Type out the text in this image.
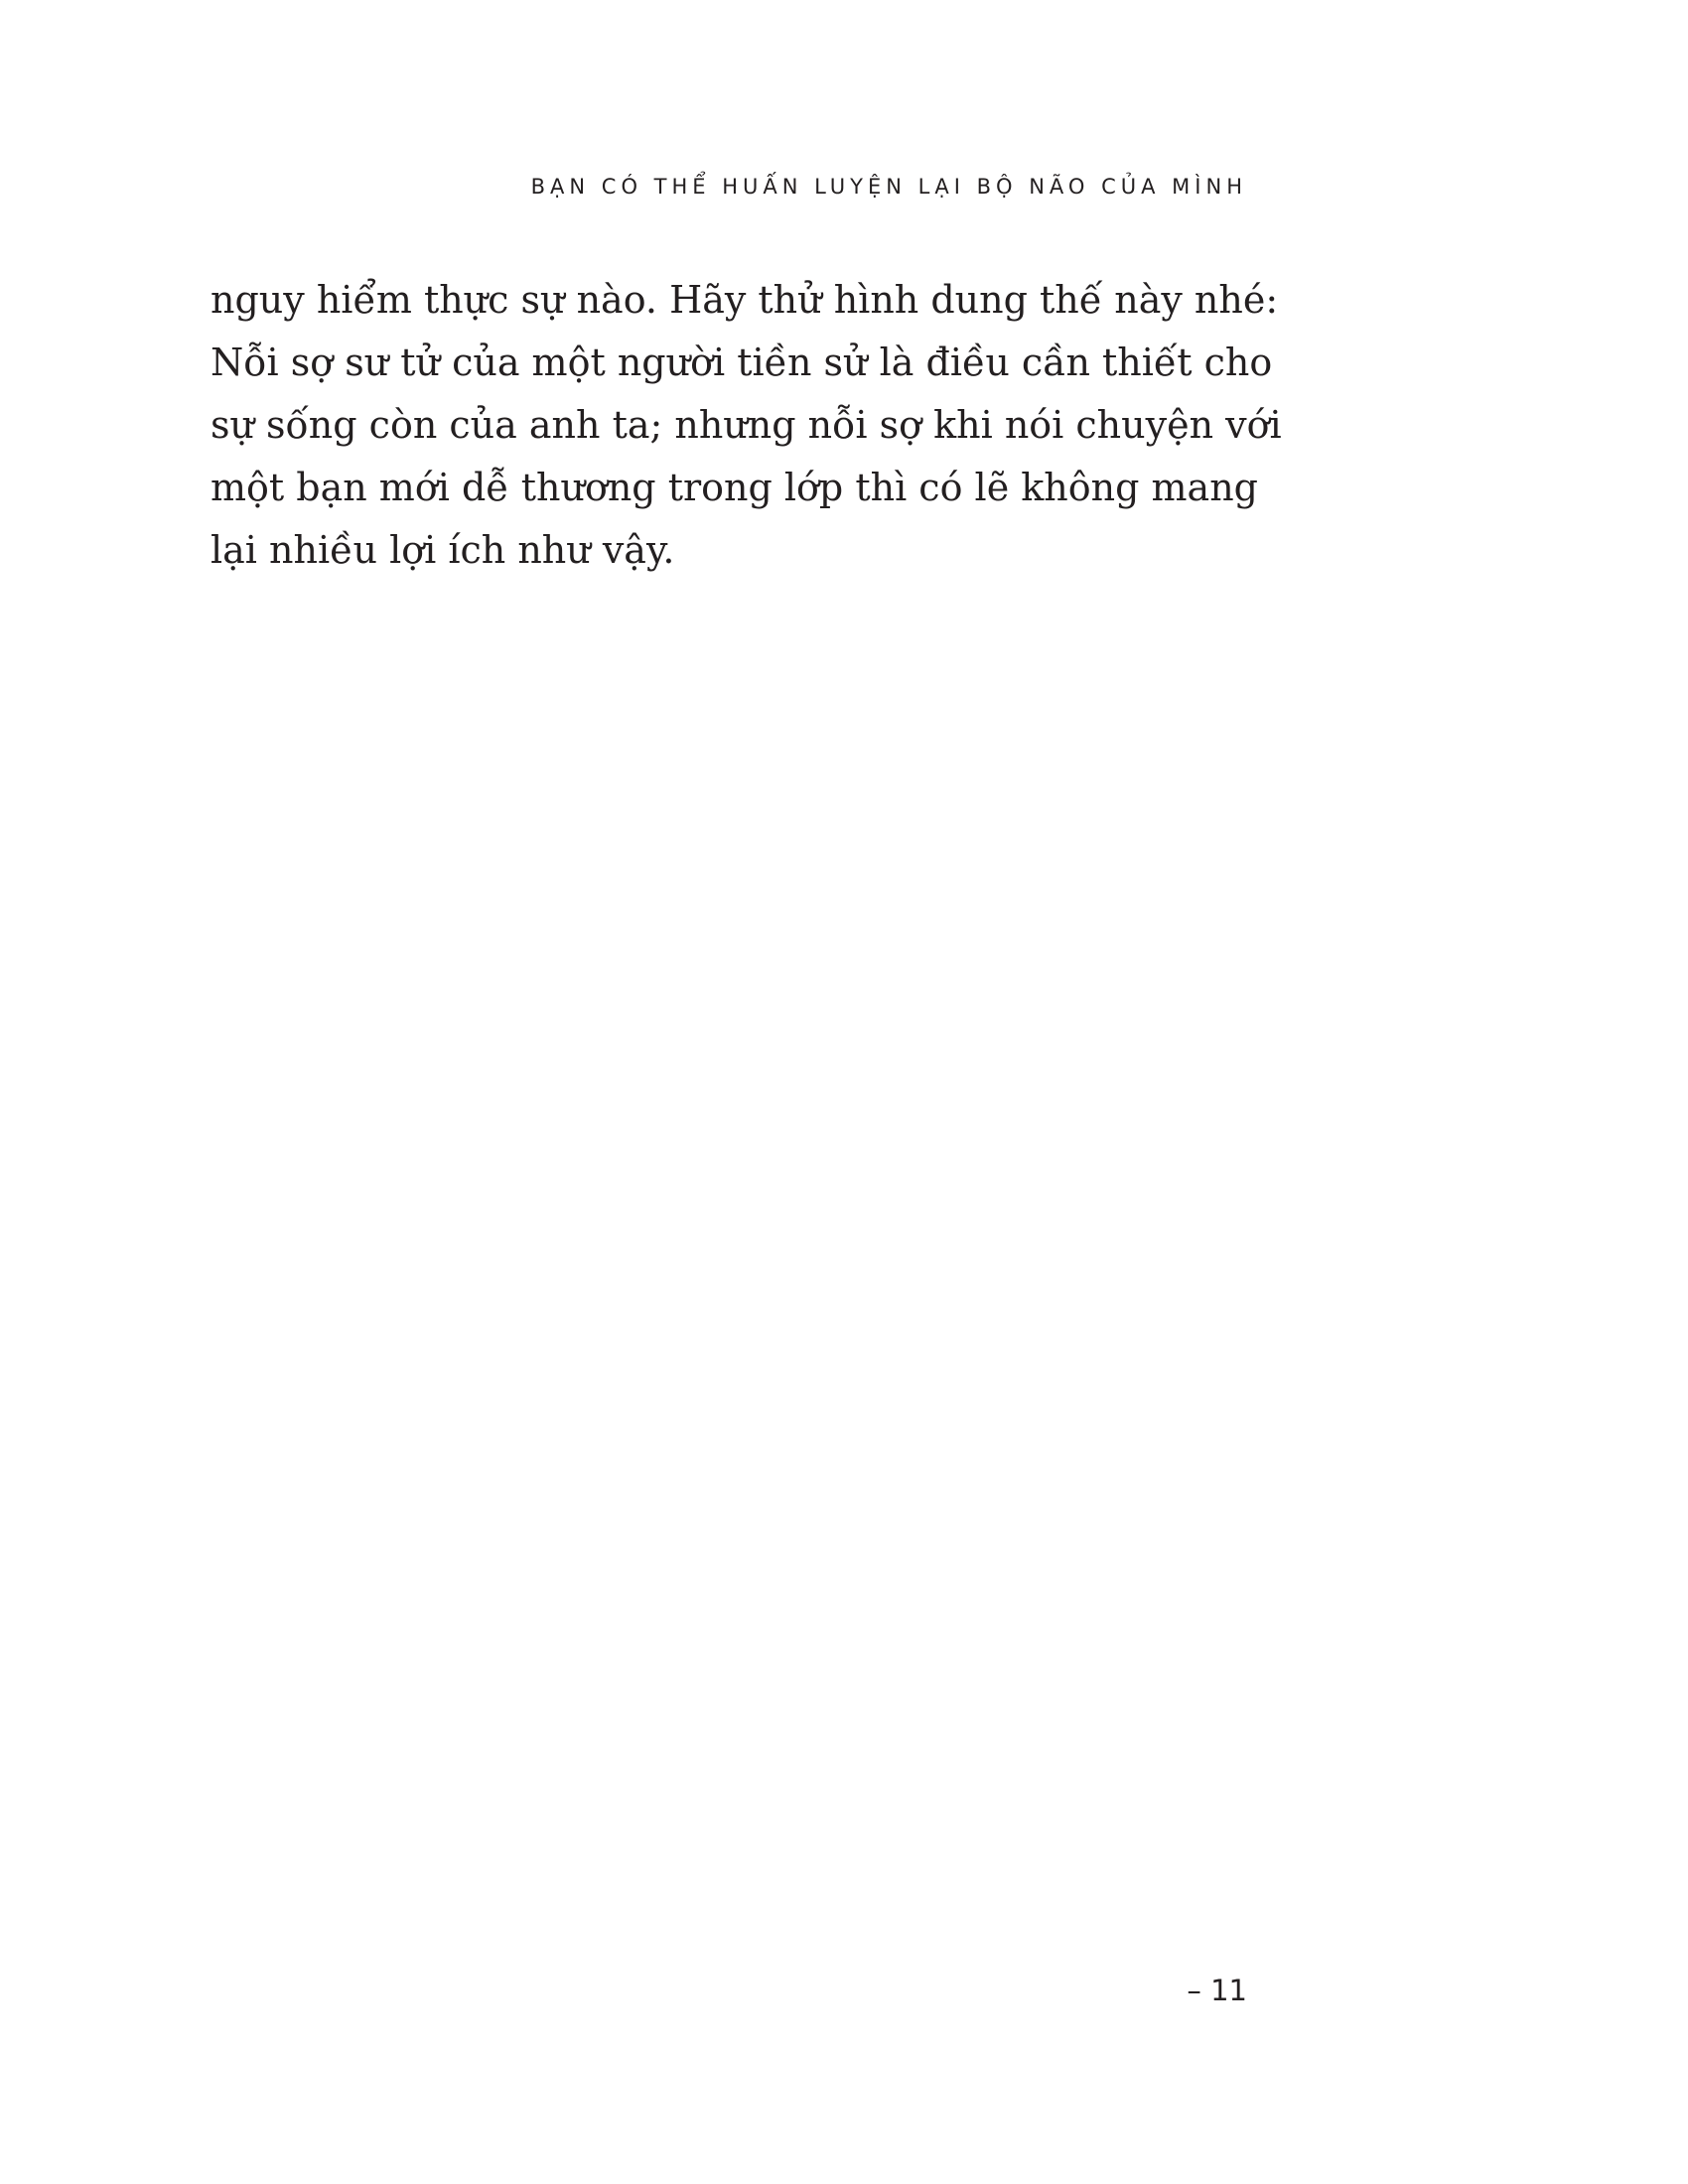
BẠN CÓ THỂ HUẤN LUYỆN LẠI BỘ NÃO CỦA MÌNH
nguy hiểm thực sự nào. Hãy thử hình dung thế này nhé:
Nỗi sợ sư tử của một người tiền sử là điều cần thiết cho
sự sống còn của anh ta; nhưng nỗi sợ khi nói chuyện với
một bạn mới dễ thương trong lớp thì có lẽ không mang
lại nhiều lợi ích như vậy.
– 11
